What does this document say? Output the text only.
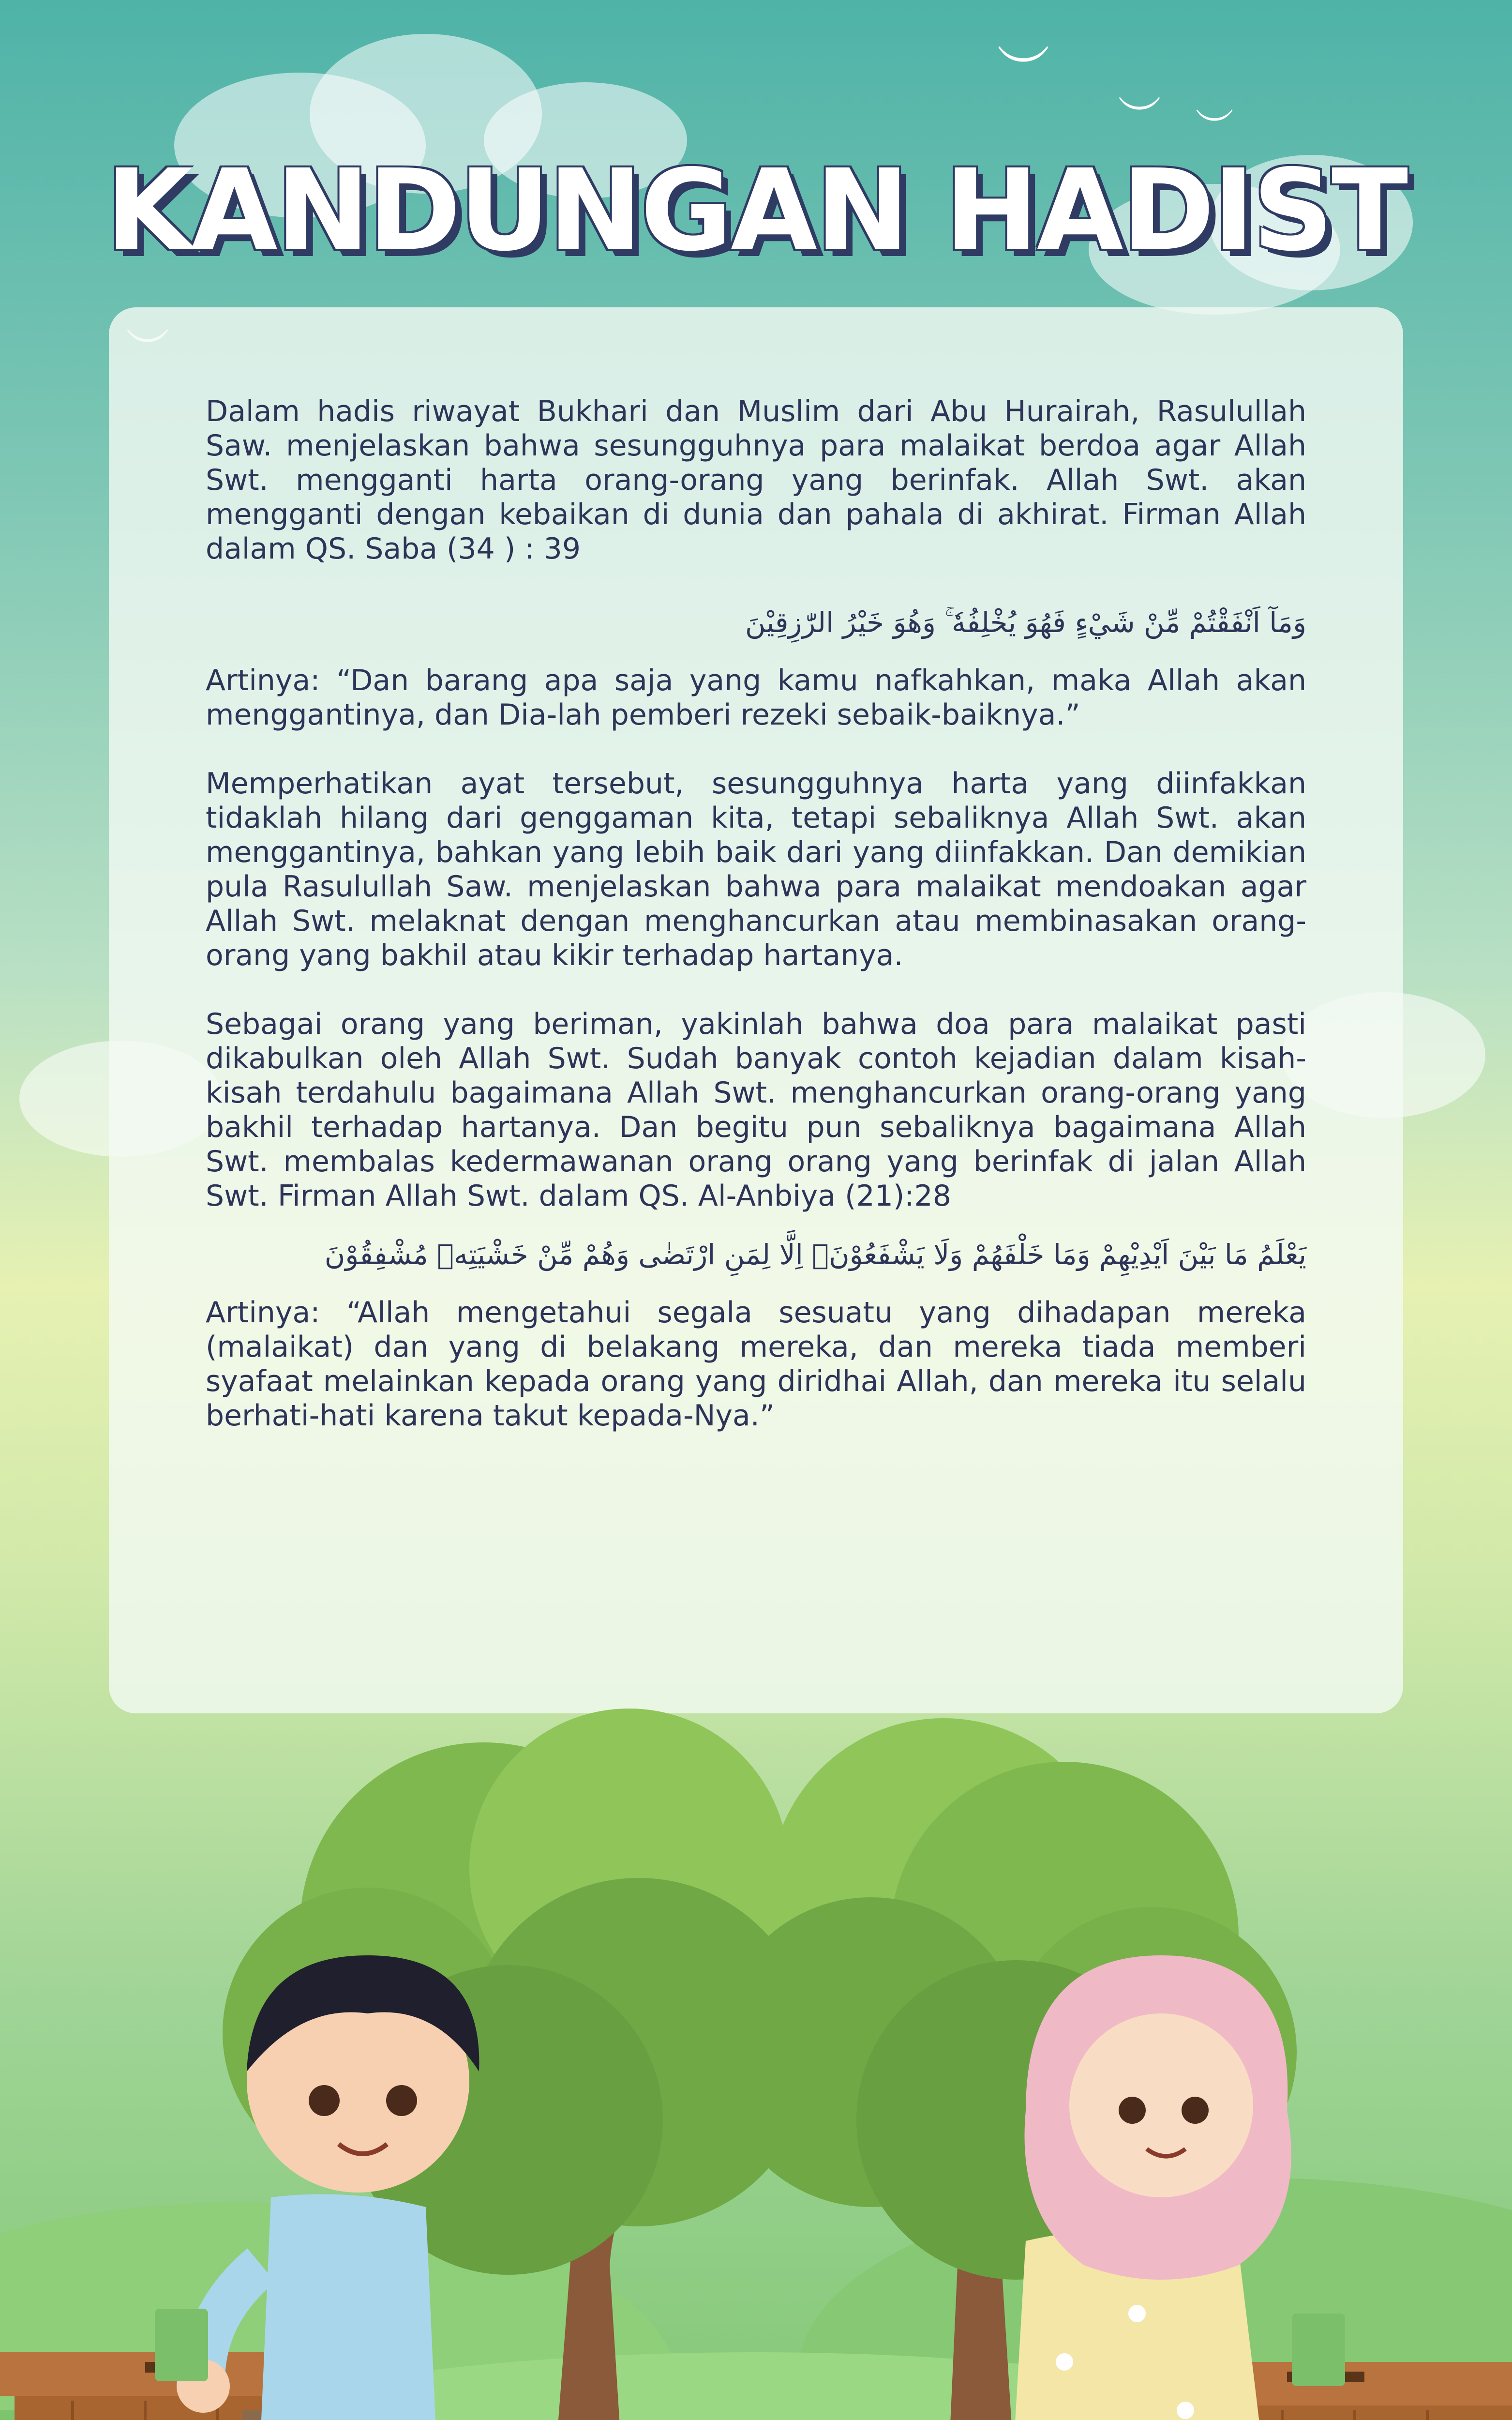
︶
︶ ︶
KANDUNGAN HADIST

Dalam hadis riwayat Bukhari dan Muslim dari Abu Hurairah, Rasulullah Saw. menjelaskan bahwa sesungguhnya para malaikat berdoa agar Allah Swt. mengganti harta orang-orang yang berinfak. Allah Swt. akan mengganti dengan kebaikan di dunia dan pahala di akhirat. Firman Allah dalam QS. Saba (34 ) : 39

وَمَآ اَنْفَقْتُمْ مِّنْ شَيْءٍ فَهُوَ يُخْلِفُهٗ ۚ وَهُوَ خَيْرُ الرّٰزِقِيْنَ

Artinya: “Dan barang apa saja yang kamu nafkahkan, maka Allah akan menggantinya, dan Dia-lah pemberi rezeki sebaik-baiknya.”

Memperhatikan ayat tersebut, sesungguhnya harta yang diinfakkan tidaklah hilang dari genggaman kita, tetapi sebaliknya Allah Swt. akan menggantinya, bahkan yang lebih baik dari yang diinfakkan. Dan demikian pula Rasulullah Saw. menjelaskan bahwa para malaikat mendoakan agar Allah Swt. melaknat dengan menghancurkan atau membinasakan orang-orang yang bakhil atau kikir terhadap hartanya.

Sebagai orang yang beriman, yakinlah bahwa doa para malaikat pasti dikabulkan oleh Allah Swt. Sudah banyak contoh kejadian dalam kisah-kisah terdahulu bagaimana Allah Swt. menghancurkan orang-orang yang bakhil terhadap hartanya. Dan begitu pun sebaliknya bagaimana Allah Swt. membalas kedermawanan orang orang yang berinfak di jalan Allah Swt. Firman Allah Swt. dalam QS. Al-Anbiya (21):28

يَعْلَمُ مَا بَيْنَ اَيْدِيْهِمْ وَمَا خَلْفَهُمْ وَلَا يَشْفَعُوْنَۙ اِلَّا لِمَنِ ارْتَضٰى وَهُمْ مِّنْ خَشْيَتِهٖ مُشْفِقُوْنَ

Artinya: “Allah mengetahui segala sesuatu yang dihadapan mereka (malaikat) dan yang di belakang mereka, dan mereka tiada memberi syafaat melainkan kepada orang yang diridhai Allah, dan mereka itu selalu berhati-hati karena takut kepada-Nya.”
